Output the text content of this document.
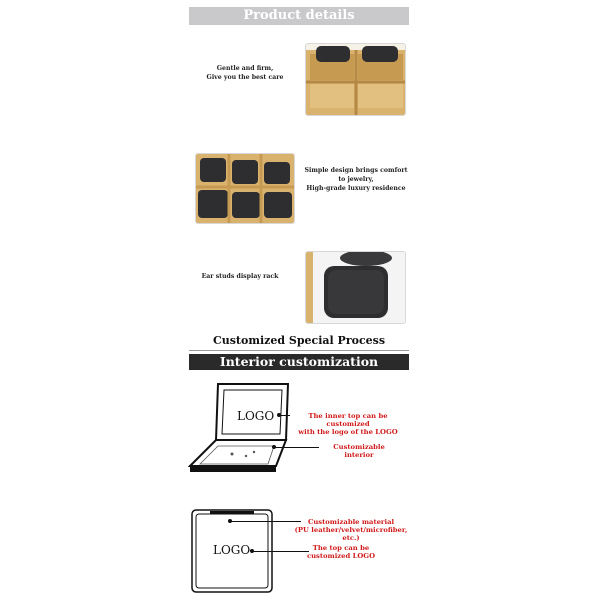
Product details
Gentle and firm,
Give you the best care
Simple design brings comfort
to jewelry,
High-grade luxury residence
Ear studs display rack
Customized Special Process
Interior customization
LOGO	The inner top can be customized
with the logo of the LOGO
Customizable interior
Customizable material
(PU leather/velvet/microfiber, etc.)
LOGO	The top can be
customized LOGO
